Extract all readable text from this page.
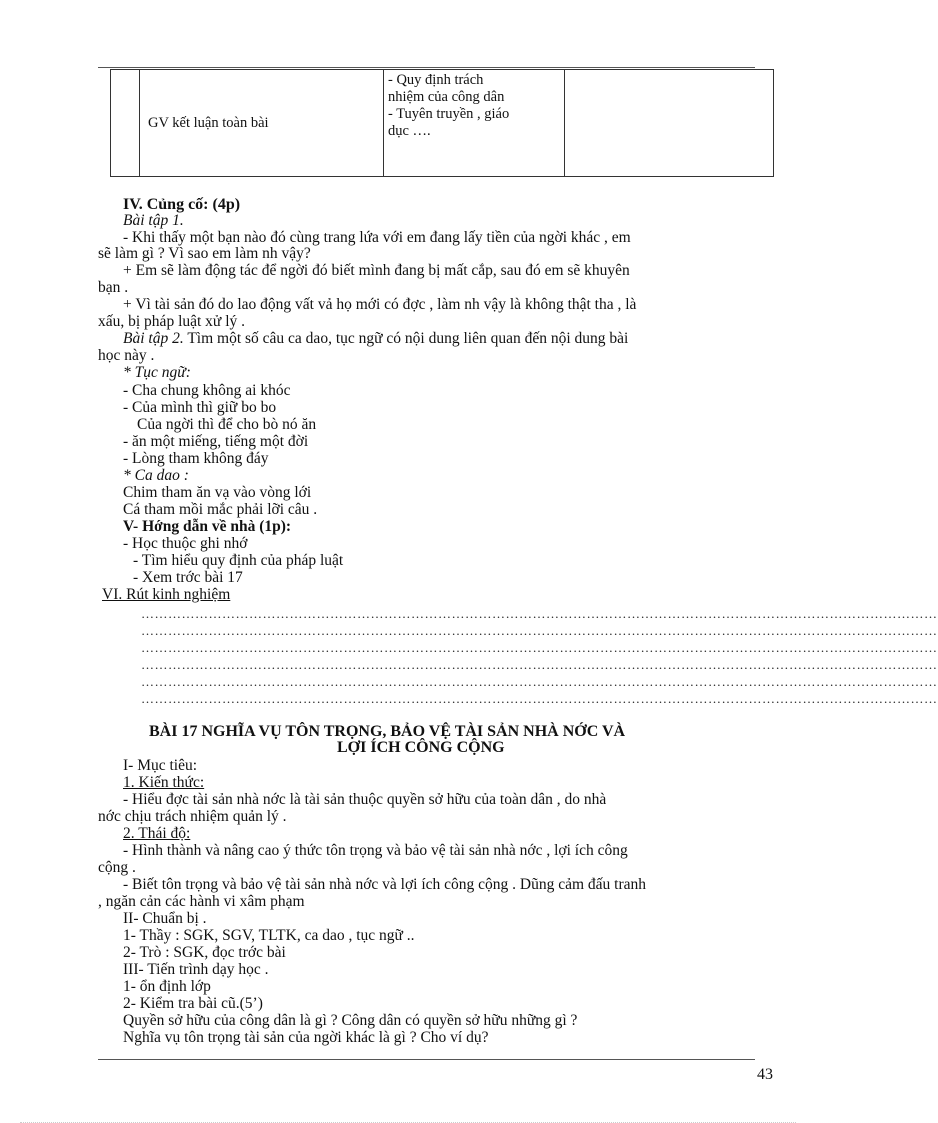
	GV kết luận toàn bài	
- Quy định trách
nhiệm của công dân
- Tuyên truyền , giáo
dục ….

IV. Củng cố: (4p)
Bài tập 1.
- Khi thấy một bạn nào đó cùng trang lứa với em đang lấy tiền của ngời khác , em
sẽ làm gì ? Vì sao em làm nh vậy?
+ Em sẽ làm động tác để ngời đó biết mình đang bị mất cắp, sau đó em sẽ khuyên
bạn .
+ Vì tài sản đó do lao động vất vả họ mới có đợc , làm nh vậy là không thật tha , là
xấu, bị pháp luật xử lý .
Bài tập 2. Tìm một số câu ca dao, tục ngữ có nội dung liên quan đến nội dung bài
học này .
* Tục ngữ:
- Cha chung không ai khóc
- Của mình thì giữ bo bo
Của ngời thì để cho bò nó ăn
- ăn một miếng, tiếng một đời
- Lòng tham không đáy
* Ca dao :
Chim tham ăn vạ vào vòng lới
Cá tham mồi mắc phải lỡi câu .
V- Hớng dẫn về nhà (1p):
- Học thuộc ghi nhớ
- Tìm hiểu quy định của pháp luật
- Xem trớc bài 17
VI. Rút kinh nghiệm
……………………………………………………………………………………………………………………………………………………………
……………………………………………………………………………………………………………………………………………………………
……………………………………………………………………………………………………………………………………………………………
……………………………………………………………………………………………………………………………………………………………
……………………………………………………………………………………………………………………………………………………………
……………………………………………………………………………………………………………………………………………………………
BÀI 17 NGHĨA VỤ TÔN TRỌNG, BẢO VỆ TÀI SẢN NHÀ NỚC VÀ
LỢI ÍCH CÔNG CỘNG
I- Mục tiêu:
1. Kiến thức:
- Hiểu đợc tài sản nhà nớc là tài sản thuộc quyền sở hữu của toàn dân , do nhà
nớc chịu trách nhiệm quản lý .
2. Thái độ:
- Hình thành và nâng cao ý thức tôn trọng và bảo vệ tài sản nhà nớc , lợi ích công
cộng .
- Biết tôn trọng và bảo vệ tài sản nhà nớc và lợi ích công cộng . Dũng cảm đấu tranh
, ngăn cản các hành vi xâm phạm
II- Chuẩn bị .
1- Thầy : SGK, SGV, TLTK, ca dao , tục ngữ ..
2- Trò : SGK, đọc trớc bài
III- Tiến trình dạy học .
1- ổn định lớp
2- Kiểm tra bài cũ.(5’)
Quyền sở hữu của công dân là gì ? Công dân có quyền sở hữu những gì ?
Nghĩa vụ tôn trọng tài sản của ngời khác là gì ? Cho ví dụ?
43
